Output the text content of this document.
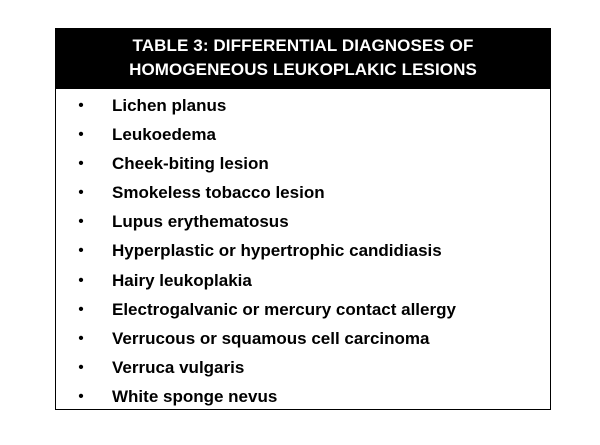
TABLE 3: DIFFERENTIAL DIAGNOSES OF
HOMOGENEOUS LEUKOPLAKIC LESIONS
• Lichen planus
• Leukoedema
• Cheek-biting lesion
• Smokeless tobacco lesion
• Lupus erythematosus
• Hyperplastic or hypertrophic candidiasis
• Hairy leukoplakia
• Electrogalvanic or mercury contact allergy
• Verrucous or squamous cell carcinoma
• Verruca vulgaris
• White sponge nevus
